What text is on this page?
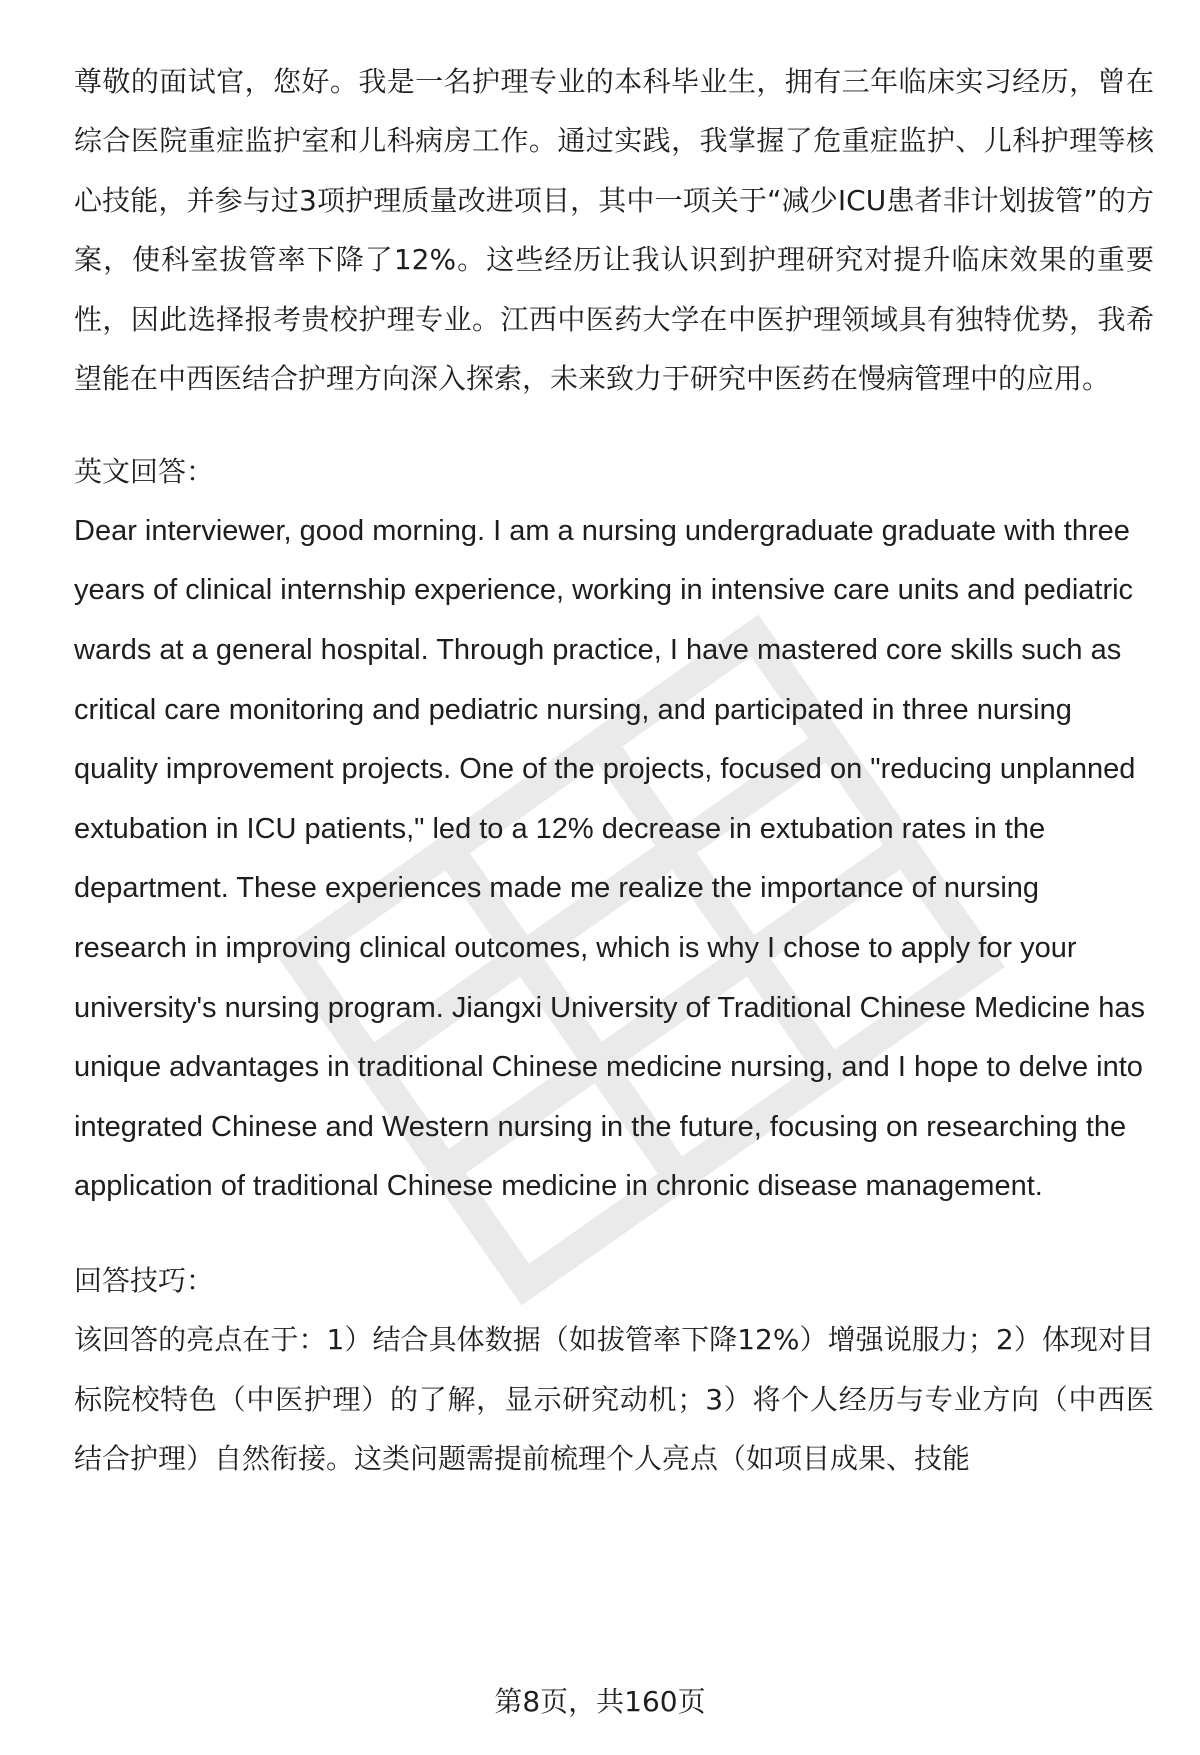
尊敬的面试官，您好。我是一名护理专业的本科毕业生，拥有三年临床实习经历，曾在综合医院重症监护室和儿科病房工作。通过实践，我掌握了危重症监护、儿科护理等核心技能，并参与过3项护理质量改进项目，其中一项关于“减少ICU患者非计划拔管”的方案，使科室拔管率下降了12%。这些经历让我认识到护理研究对提升临床效果的重要性，因此选择报考贵校护理专业。江西中医药大学在中医护理领域具有独特优势，我希望能在中西医结合护理方向深入探索，未来致力于研究中医药在慢病管理中的应用。

英文回答：

Dear interviewer, good morning. I am a nursing undergraduate graduate with three years of clinical internship experience, working in intensive care units and pediatric wards at a general hospital. Through practice, I have mastered core skills such as critical care monitoring and pediatric nursing, and participated in three nursing quality improvement projects. One of the projects, focused on "reducing unplanned extubation in ICU patients," led to a 12% decrease in extubation rates in the department. These experiences made me realize the importance of nursing research in improving clinical outcomes, which is why I chose to apply for your university's nursing program. Jiangxi University of Traditional Chinese Medicine has unique advantages in traditional Chinese medicine nursing, and I hope to delve into integrated Chinese and Western nursing in the future, focusing on researching the application of traditional Chinese medicine in chronic disease management.

回答技巧：

该回答的亮点在于：1）结合具体数据（如拔管率下降12%）增强说服力；2）体现对目标院校特色（中医护理）的了解，显示研究动机；3）将个人经历与专业方向（中西医结合护理）自然衔接。这类问题需提前梳理个人亮点（如项目成果、技能

第8页，共160页
